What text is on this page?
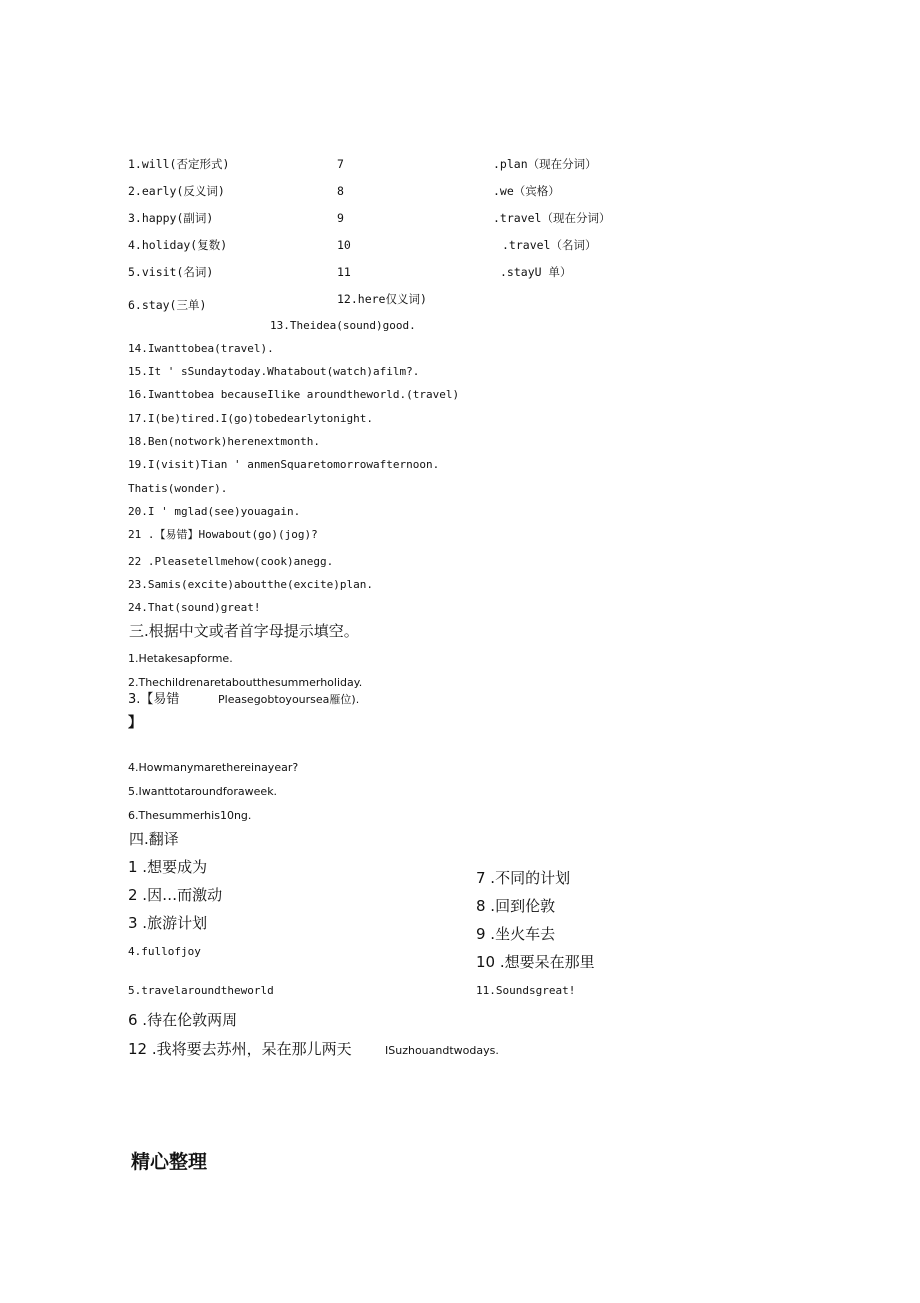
1.will(否定形式)	7	.plan（现在分词）
2.early(反义词)	8	.we（宾格）
3.happy(副词)	9	.travel（现在分词）
4.holiday(复数)	10	.travel（名词）
5.visit(名词)	11	.stayU 单）
6.stay(三单)	12.here仅义词)
13.Theidea(sound)good.
14.Iwanttobea(travel).
15.It ' sSundaytoday.Whatabout(watch)afilm?.
16.Iwanttobea becauseIlike aroundtheworld.(travel)
17.I(be)tired.I(go)tobedearlytonight.
18.Ben(notwork)herenextmonth.
19.I(visit)Tian ' anmenSquaretomorrowafternoon.
Thatis(wonder).
20.I ' mglad(see)youagain.
21 .【易错】Howabout(go)(jog)?
22 .Pleasetellmehow(cook)anegg.
23.Samis(excite)aboutthe(excite)plan.
24.That(sound)great!
三.根据中文或者首字母提示填空。
1.Hetakesapforme.
2.Thechildrenaretaboutthesummerholiday.
3.【易错	Pleasegobtoyoursea雁位).
】
4.Howmanymarethereinayear?
5.Iwanttotaroundforaweek.
6.Thesummerhis10ng.
四.翻译
1 .想要成为
2 .因…而激动
3 .旅游计划
4.fullofjoy
5.travelaroundtheworld
6 .待在伦敦两周
7 .不同的计划
8 .回到伦敦
9 .坐火车去
10 .想要呆在那里
11.Soundsgreat!
12 .我将要去苏州，呆在那儿两天	ISuzhouandtwodays.
精心整理
